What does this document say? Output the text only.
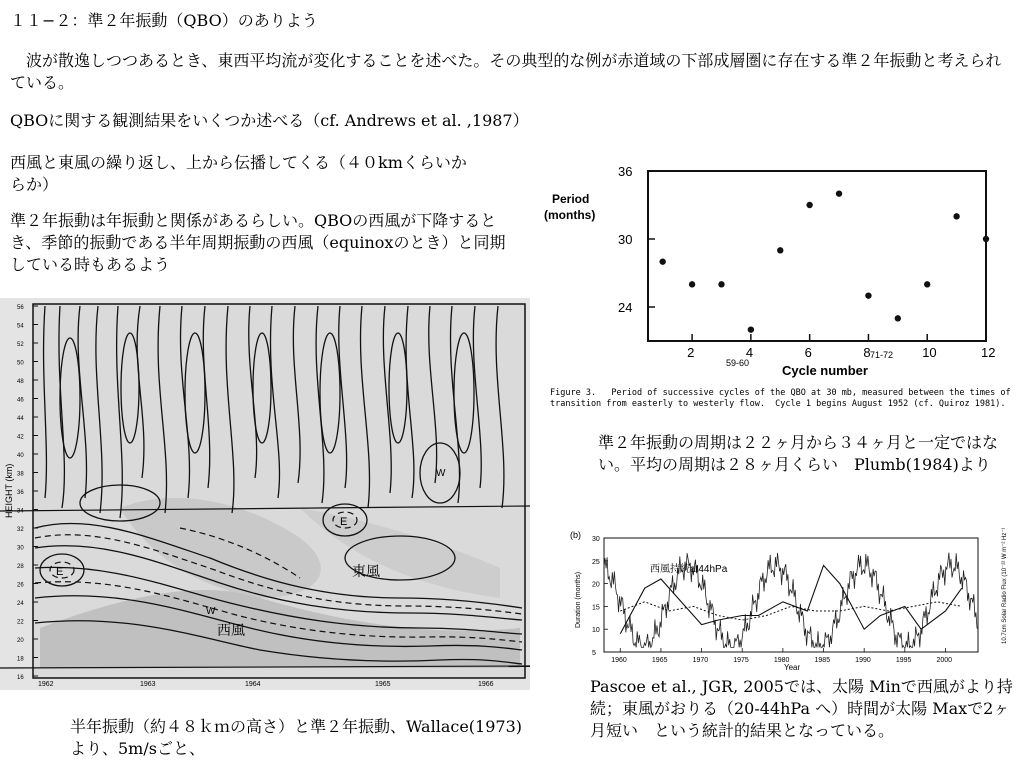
１１−２：準２年振動（QBO）のありよう

　波が散逸しつつあるとき、東西平均流が変化することを述べた。その典型的な例が赤道域の下部成層圏に存在する準２年振動と考えられている。

QBOに関する観測結果をいくつか述べる（cf. Andrews et al. ,1987）

西風と東風の繰り返し、上から伝播してくる（４０kmくらいからか）

準２年振動は年振動と関係があるらしい。QBOの西風が下降するとき、季節的振動である半年周期振動の西風（equinoxのとき）と同期している時もあるよう

56
54
52
50
48
46
44
42
40
38
36
34
32
30
28
26
24
22
20
18
16
1962	1963	1964	1965	1966
HEIGHT (km)
東風
西風
E
E
W
W
24
30
36
2	4	6	8	10	12
Period
(months)
Cycle number
59-60
71-72

Figure 3.   Period of successive cycles of the QBO at 30 mb, measured between the times of transition from easterly to westerly flow.  Cycle 1 begins August 1952 (cf. Quiroz 1981).

準２年振動の周期は２２ヶ月から３４ヶ月と一定ではない。平均の周期は２８ヶ月くらい　Plumb(1984)より

5
10
15
20
25
30
1960	1965	1970	1975	1980	1985	1990	1995	2000
(b)
西風持続at44hPa
Year
Duration (months)	10.7cm Solar Radio Flux (10⁻²² W m⁻² Hz⁻¹)

Pascoe et al., JGR, 2005では、太陽 Minで西風がより持続；東風がおりる（20-44hPa へ）時間が太陽 Maxで2ヶ月短い　という統計的結果となっている。

半年振動（約４８ｋｍの高さ）と準２年振動、Wallace(1973)より、5m/sごと、
